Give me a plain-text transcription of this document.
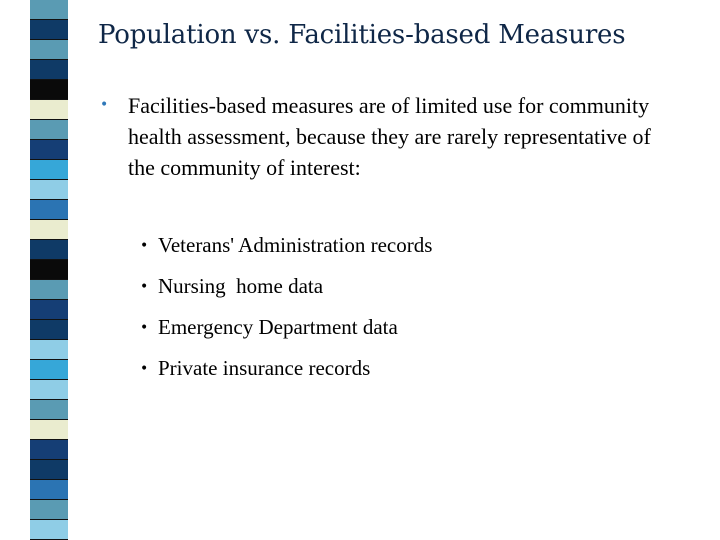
Population vs. Facilities-based Measures
• Facilities-based measures are of limited use for community health assessment, because they are rarely representative of the community of interest:
• Veterans' Administration records
• Nursing  home data
• Emergency Department data
• Private insurance records
